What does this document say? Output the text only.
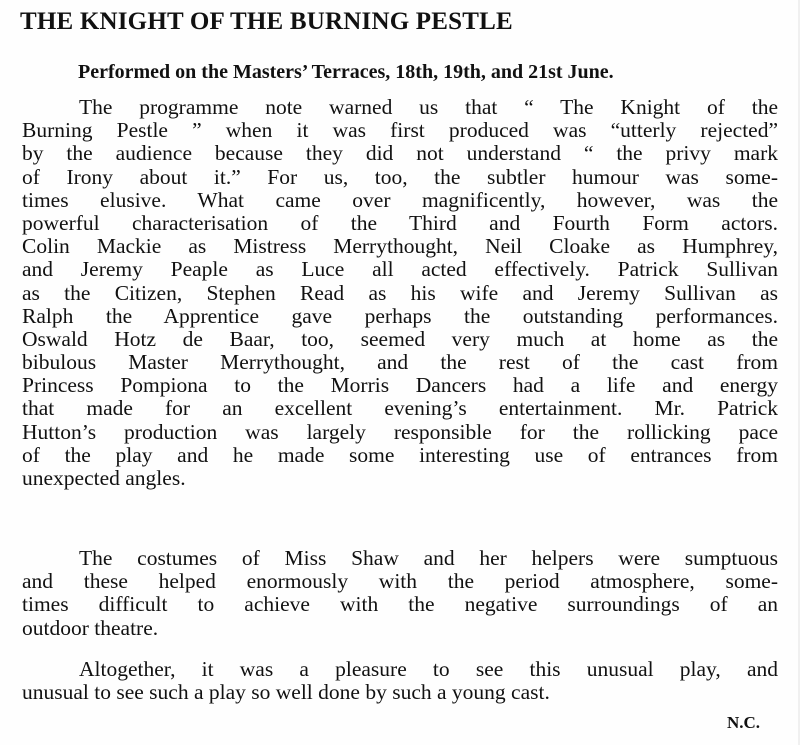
THE KNIGHT OF THE BURNING PESTLE
Performed on the Masters’ Terraces, 18th, 19th, and 21st June.
The programme note warned us that “ The Knight of the
Burning Pestle ” when it was first produced was “utterly rejected”
by the audience because they did not understand “ the privy mark
of Irony about it.” For us, too, the subtler humour was some-
times elusive. What came over magnificently, however, was the
powerful characterisation of the Third and Fourth Form actors.
Colin Mackie as Mistress Merrythought, Neil Cloake as Humphrey,
and Jeremy Peaple as Luce all acted effectively. Patrick Sullivan
as the Citizen, Stephen Read as his wife and Jeremy Sullivan as
Ralph the Apprentice gave perhaps the outstanding performances.
Oswald Hotz de Baar, too, seemed very much at home as the
bibulous Master Merrythought, and the rest of the cast from
Princess Pompiona to the Morris Dancers had a life and energy
that made for an excellent evening’s entertainment. Mr. Patrick
Hutton’s production was largely responsible for the rollicking pace
of the play and he made some interesting use of entrances from
unexpected angles.
The costumes of Miss Shaw and her helpers were sumptuous
and these helped enormously with the period atmosphere, some-
times difficult to achieve with the negative surroundings of an
outdoor theatre.
Altogether, it was a pleasure to see this unusual play, and
unusual to see such a play so well done by such a young cast.

N.C.
